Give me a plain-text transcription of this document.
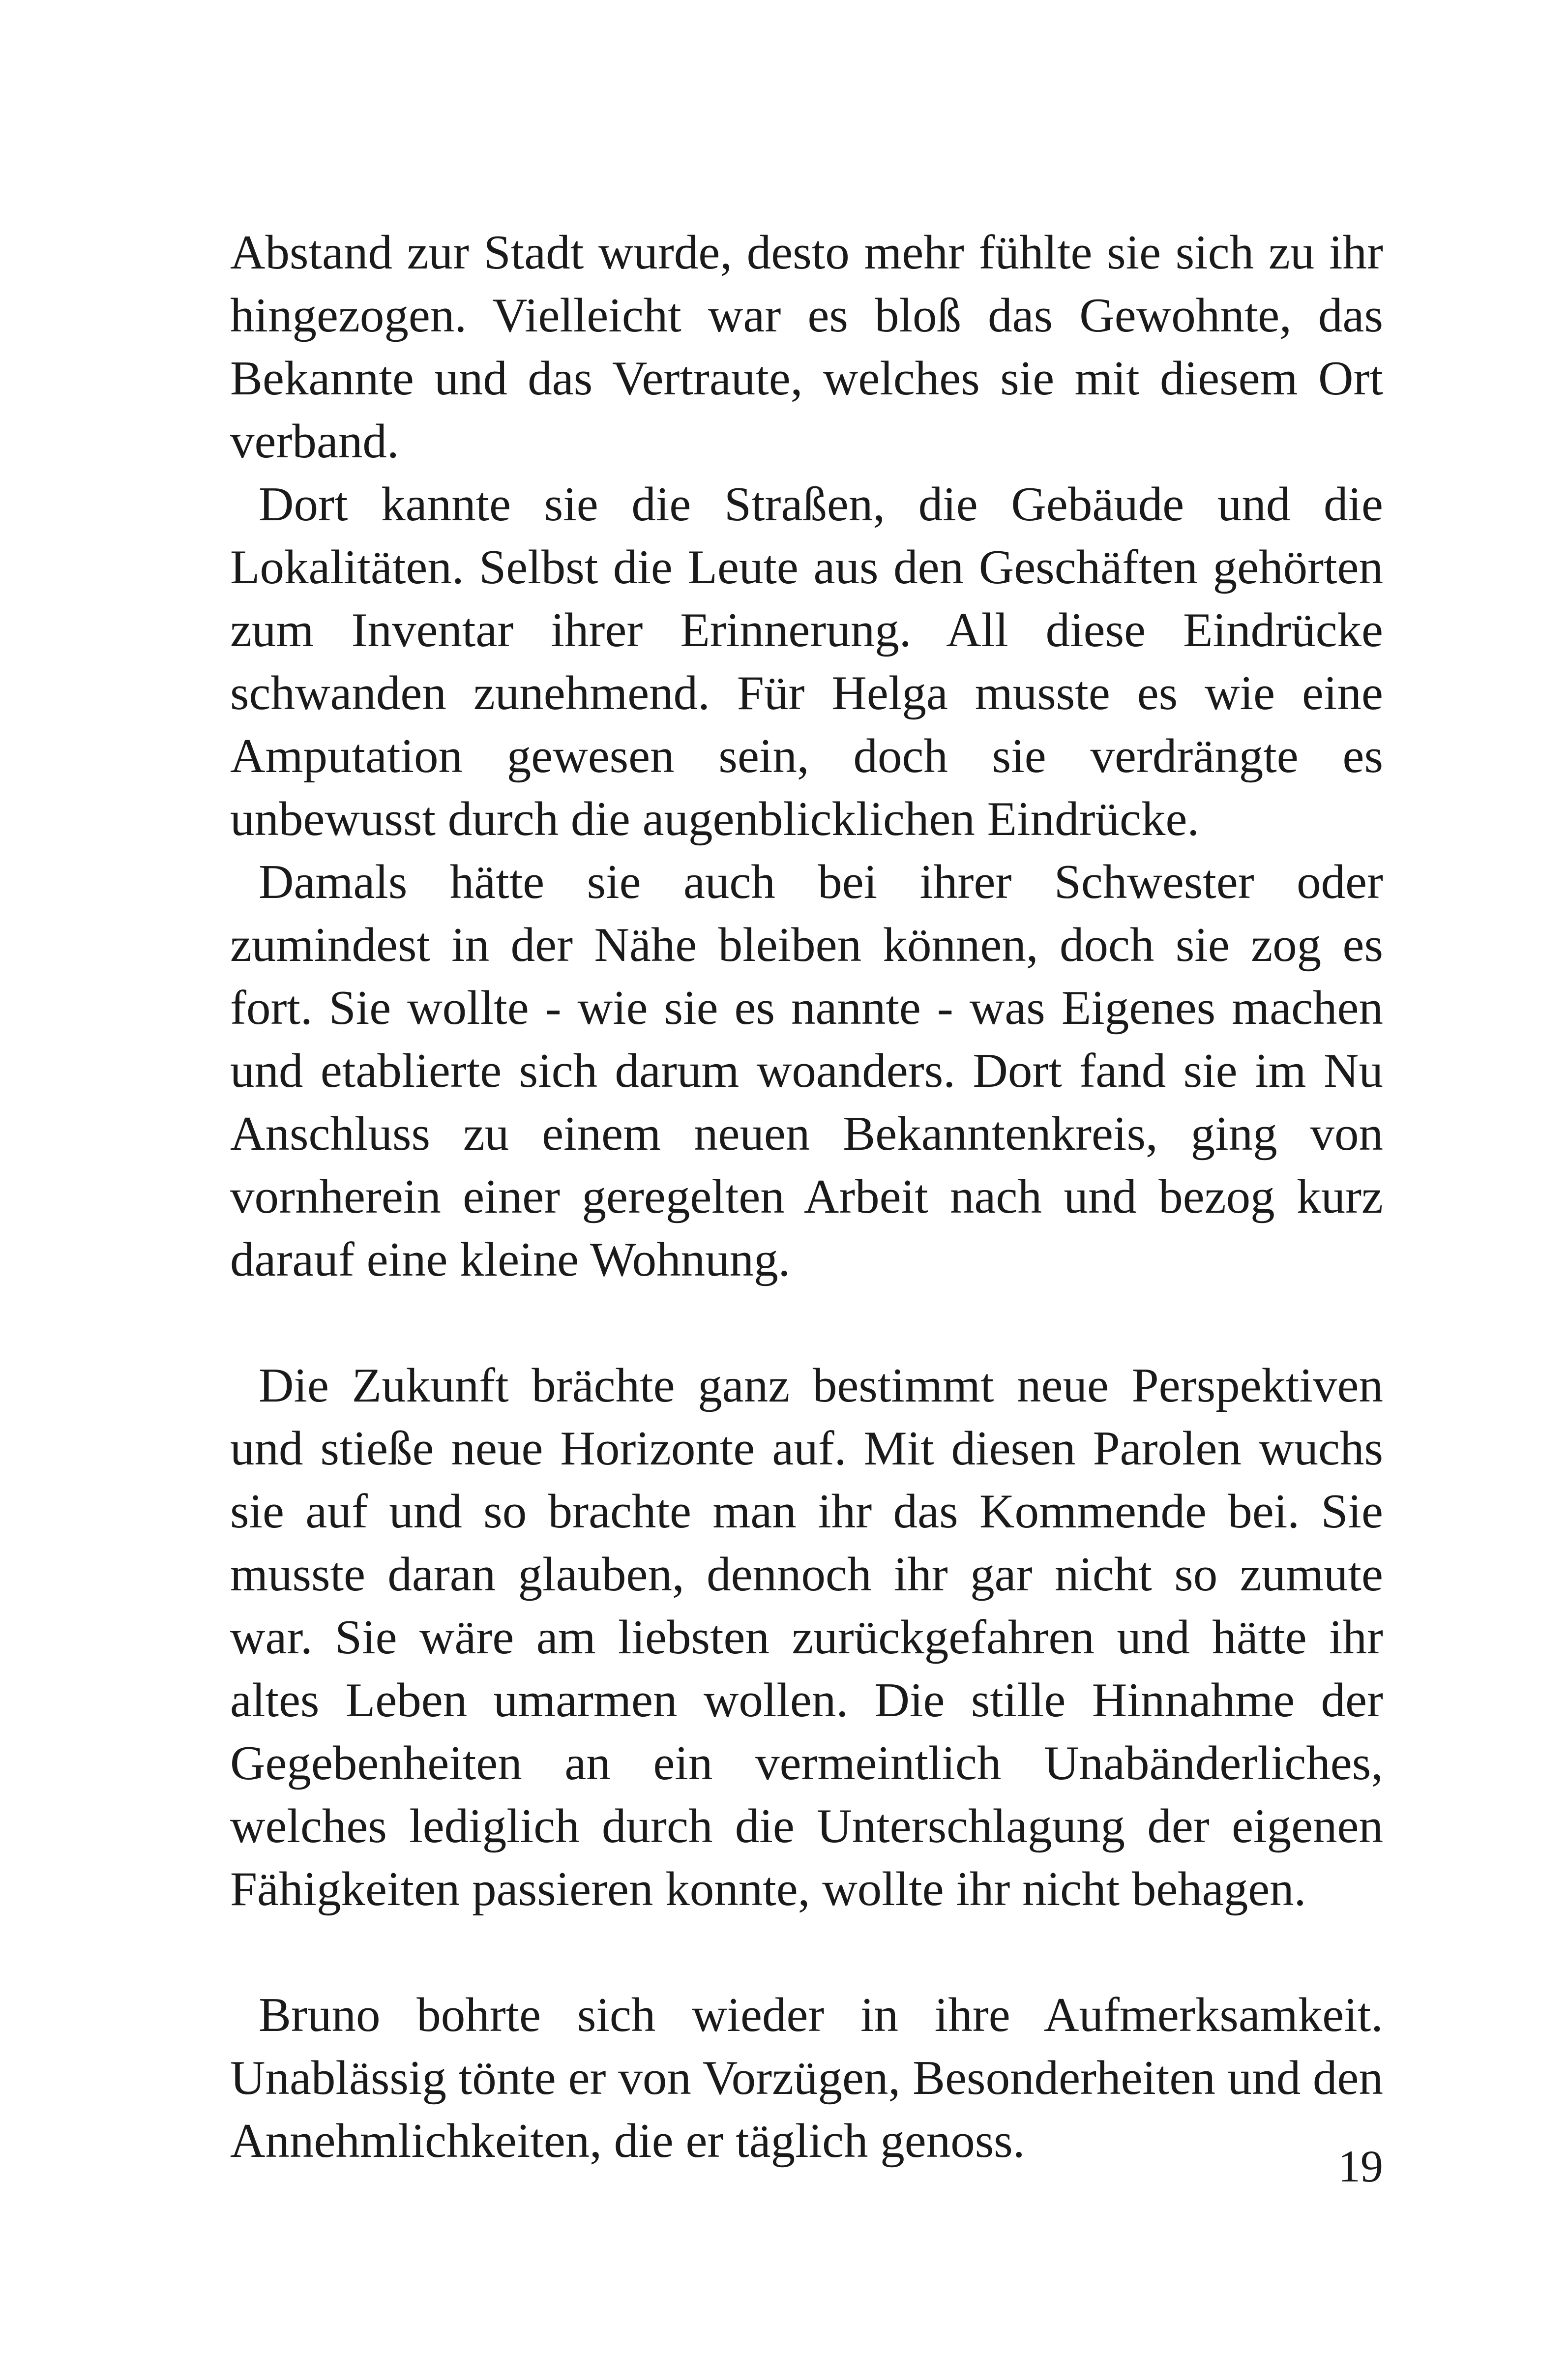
Abstand zur Stadt wurde, desto mehr fühlte sie sich zu ihr hingezogen. Vielleicht war es bloß das Gewohnte, das Bekannte und das Vertraute, welches sie mit diesem Ort verband.

Dort kannte sie die Straßen, die Gebäude und die Lokalitäten. Selbst die Leute aus den Geschäften gehörten zum Inventar ihrer Erinnerung. All diese Eindrücke schwanden zunehmend. Für Helga musste es wie eine Amputation gewesen sein, doch sie verdrängte es unbewusst durch die augenblicklichen Eindrücke.

Damals hätte sie auch bei ihrer Schwester oder zumindest in der Nähe bleiben können, doch sie zog es fort. Sie wollte - wie sie es nannte - was Eigenes machen und etablierte sich darum woanders. Dort fand sie im Nu Anschluss zu einem neuen Bekanntenkreis, ging von vornherein einer geregelten Arbeit nach und bezog kurz darauf eine kleine Wohnung.

Die Zukunft brächte ganz bestimmt neue Perspektiven und stieße neue Horizonte auf. Mit diesen Parolen wuchs sie auf und so brachte man ihr das Kommende bei. Sie musste daran glauben, dennoch ihr gar nicht so zumute war. Sie wäre am liebsten zurückgefahren und hätte ihr altes Leben umarmen wollen. Die stille Hinnahme der Gegebenheiten an ein vermeintlich Unabänderliches, welches lediglich durch die Unterschlagung der eigenen Fähigkeiten passieren konnte, wollte ihr nicht behagen.

Bruno bohrte sich wieder in ihre Aufmerksamkeit. Unablässig tönte er von Vorzügen, Besonderheiten und den Annehmlichkeiten, die er täglich genoss.	19
